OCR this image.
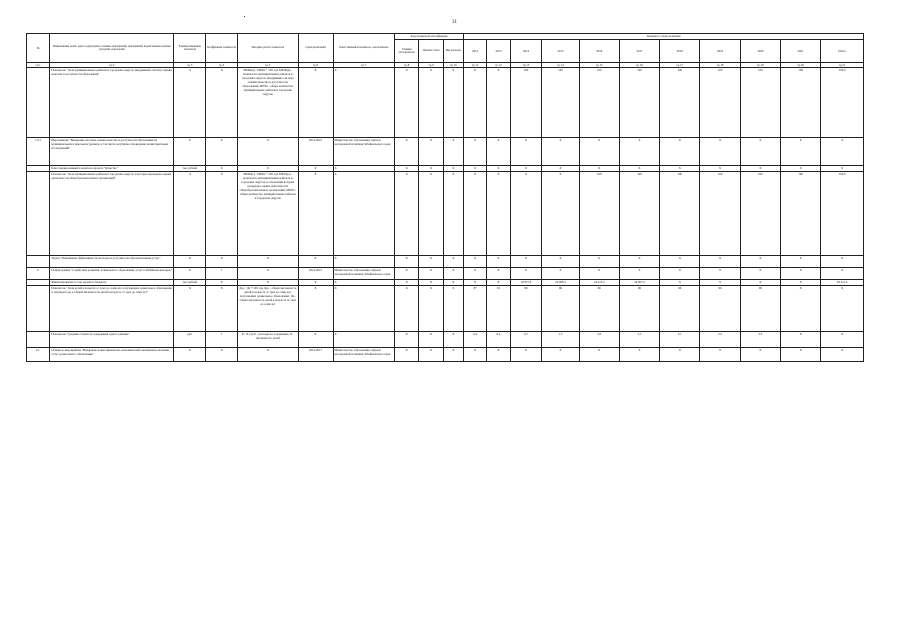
31
№	Наименование целей, задач, подпрограмм, основных мероприятий, мероприятий, ведомственных целевых программ, показателей	Единица измерения показателя	Коэффициент значимости	Методика расчета показателя	Сроки реализации	Ответственный исполнитель, соисполнитель	Коды бюджетной классификации			Значения по годам реализации										
							Главный распорядитель	Целевая статья	Вид расходов	2012	2013	2014	2015	2016	2017	2018	2019	2020	2021	Итого
гр.1	гр.2	гр.3	гр.4	гр.5	гр.6	гр.7	гр.8	гр.9	гр.10	гр.11	гр.12	гр.13	гр.14	гр.15	гр.16	гр.17	гр.18	гр.19	гр.20	гр.21
	Показатель "Доля муниципальных районов и городских округов, внедривших систему оценки качества и доступности образования"	%	X	МРЗК(и) / МРЗО * 100, где МРЗК(и) - количество муниципальных районов и городских округов, внедривших систему оценки качества и доступности образования; МРЗО - общее количество муниципальных районов и городских округов	X	X	X	X	X	X	X	100	100	100	100	100	100	100	100	100,0
1.8.1	Мероприятие "Внедрение системы оценки качества и доступности образования на муниципальном и школьном уровнях, в том числе регулярное проведение мониторинговых исследований"	X	X	X	2014-2021	Министерство образования, науки и молодежной политики Забайкальского края	X	X	X	X	X	X	X	X	X	X	X	X	X	X
	Консолидированный показатель проекта "Качество"	тыс.рублей	X	X	X	X	X	X	X	X	X	X	X	X	X	X	X	X	X	X
	Показатель "Доля муниципальных районов и городских округов, в которых проведена оценка деятельности общеобразовательных организаций"	%	X	МРЗО(о) / МРЗО * 100, где МРЗО(о) - количество муниципальных районов и городских округов, в отношении которых проведена оценка деятельности общеобразовательных организаций; МРЗО - общее количество муниципальных районов и городских округов	X	X	X	X	X	X	X	X	X	100	100	100	100	100	100	100,0
	Задача "Повышение эффективности расходов и доступности образовательных услуг"	X	X	X	X	X	X	X	X	X	X	X	X	X	X	X	X	X	X	X
2.	Подпрограмма "Содействие развитию дошкольного образования, услуг в Забайкальском крае"	X	1	X	2014-2021	Министерство образования, науки и молодежной политики Забайкальского края	X	X	X	X	X	X	X	X	X	X	X	X	X	X
	Финансирование за счет краевого бюджета	тыс.рублей	X	X	X	X	X	X	X	X	X	19 877,4	24 006,3	24 412,3	24 907,2	X	X	X	X	93 215,4
	Показатель "Доля детей в возрасте от трех до семи лет, получающих дошкольное образование в текущем году, в общей численности детей в возрасте от трех до семи лет"	%	X	Ддо / Дч * 100, где Ддо - общая численность детей в возрасте от трех до семи лет, получающих дошкольное образование; Дч - общая численность детей в возрасте от трех до семи лет	X	X	X	X	X	87	91	96	96	96	96	96	96	96	X	X
	Показатель "Средняя стоимость содержания одного ребенка"	руб.	1	Р / Ч, где Р - расходы на содержание, Ч - численность детей	X	X	X	X	X	0,4	0,4	0,7	1,5	2,0	2,1	2,1	2,2	2,3	X	X
2.1.	Основное мероприятие "Внедрение новых финансово-экономических механизмов оказания услуг дошкольного образования"	X	X	X	2014-2017	Министерство образования, науки и молодежной политики Забайкальского края	X	X	X	X	X	X	X	X	X	X	X	X	X	X
